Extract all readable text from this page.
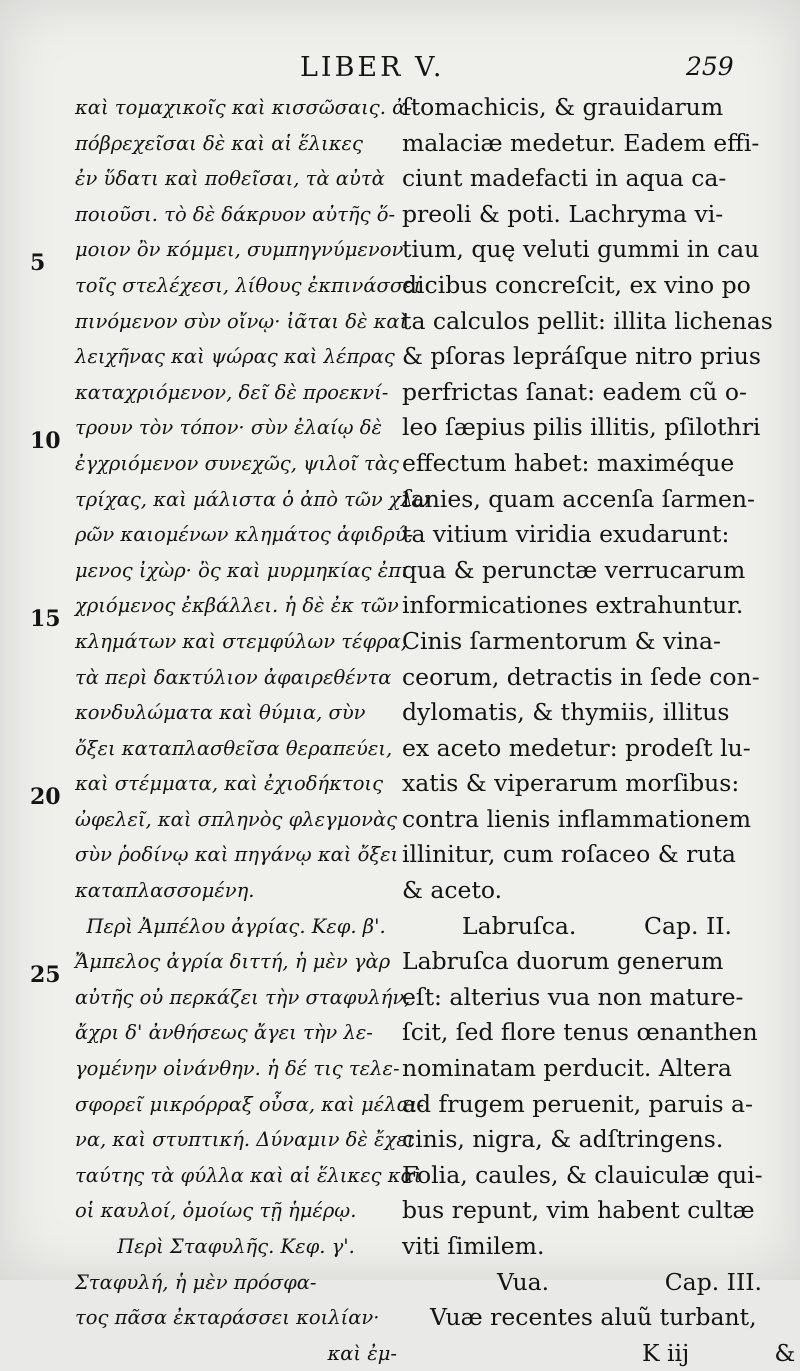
LIBER V.	259
5
10
15
20
25
καὶ τομαχικοῖς καὶ κισσῶσαις. ἀ-
πόβρεχεῖσαι δὲ καὶ αἱ ἕλικες
ἐν ὕδατι καὶ ποθεῖσαι, τὰ αὐτὰ
ποιοῦσι. τὸ δὲ δάκρυον αὐτῆς ὅ-
μοιον ὂν κόμμει, συμπηγνύμενον
τοῖς στελέχεσι, λίθους ἐκπινάσσει
πινόμενον σὺν οἴνῳ· ἰᾶται δὲ καὶ
λειχῆνας καὶ ψώρας καὶ λέπρας
καταχριόμενον, δεῖ δὲ προεκνί-
τρουν τὸν τόπον· σὺν ἐλαίῳ δὲ
ἐγχριόμενον συνεχῶς, ψιλοῖ τὰς
τρίχας, καὶ μάλιστα ὁ ἀπὸ τῶν χλω
ρῶν καιομένων κλημάτος ἀφιδρύ-
μενος ἰχὼρ· ὃς καὶ μυρμηκίας ἐπι
χριόμενος ἐκβάλλει. ἡ δὲ ἐκ τῶν
κλημάτων καὶ στεμφύλων τέφρα,
τὰ περὶ δακτύλιον ἀφαιρεθέντα
κονδυλώματα καὶ θύμια, σὺν
ὄξει καταπλασθεῖσα θεραπεύει,
καὶ στέμματα, καὶ ἐχιοδήκτοις
ὠφελεῖ, καὶ σπληνὸς φλεγμονὰς
σὺν ῥοδίνῳ καὶ πηγάνῳ καὶ ὄξει
καταπλασσομένη.
Περὶ Ἀμπέλου ἀγρίας. Κεφ. β'.
Ἄμπελος ἀγρία διττή, ἡ μὲν γὰρ
αὐτῆς οὐ περκάζει τὴν σταφυλήν,
ἄχρι δ' ἀνθήσεως ἄγει τὴν λε-
γομένην οἰνάνθην. ἡ δέ τις τελε-
σφορεῖ μικρόρραξ οὖσα, καὶ μέλαι-
να, καὶ στυπτική. Δύναμιν δὲ ἔχει
ταύτης τὰ φύλλα καὶ αἱ ἕλικες καὶ
οἱ καυλοί, ὁμοίως τῇ ἡμέρῳ.
Περὶ Σταφυλῆς. Κεφ. γ'.
Σταφυλή, ἡ μὲν πρόσφα-
τος πᾶσα ἐκταράσσει κοιλίαν·
καὶ ἐμ-
ſtomachicis, & grauidarum
malaciæ medetur. Eadem effi-
ciunt madefacti in aqua ca-
preoli & poti. Lachryma vi-
tium, quę veluti gummi in cau
dicibus concreſcit, ex vino po
ta calculos pellit: illita lichenas
& pſoras lepráſque nitro prius
perfrictas ſanat: eadem cũ o-
leo ſæpius pilis illitis, pſilothri
effectum habet: maximéque
ſanies, quam accenſa ſarmen-
ta vitium viridia exudarunt:
qua & perunctæ verrucarum
informicationes extrahuntur.
Cinis ſarmentorum & vina-
ceorum, detractis in ſede con-
dylomatis, & thymiis, illitus
ex aceto medetur: prodeſt lu-
xatis & viperarum morſibus:
contra lienis inflammationem
illinitur, cum roſaceo & ruta
& aceto.
Labruſca.	Cap. II.
Labruſca duorum generum
eſt: alterius vua non mature-
ſcit, ſed flore tenus œnanthen
nominatam perducit. Altera
ad frugem peruenit, paruis a-
cinis, nigra, & adſtringens.
Folia, caules, & clauiculæ qui-
bus repunt, vim habent cultæ
viti ſimilem.
Vua.	Cap. III.
Vuæ recentes aluũ turbant,
K iij	&
